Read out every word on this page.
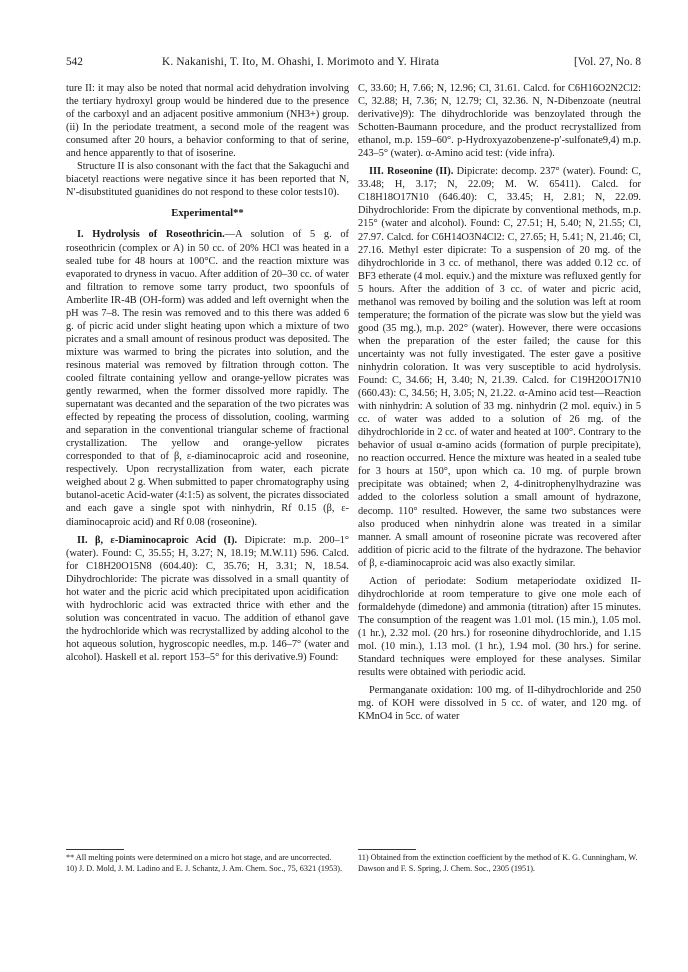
542	K. Nakanishi, T. Ito, M. Ohashi, I. Morimoto and Y. Hirata	[Vol. 27, No. 8

ture II: it may also be noted that normal acid dehydration involving the tertiary hydroxyl group would be hindered due to the presence of the carboxyl and an adjacent positive ammonium (NH3+) group. (ii) In the periodate treatment, a second mole of the reagent was consumed after 20 hours, a behavior conforming to that of serine, and hence apparently to that of isoserine.

Structure II is also consonant with the fact that the Sakaguchi and biacetyl reactions were negative since it has been reported that N, N′-disubstituted guanidines do not respond to these color tests10).

Experimental**

I. Hydrolysis of Roseothricin.—A solution of 5 g. of roseothricin (complex or A) in 50 cc. of 20% HCl was heated in a sealed tube for 48 hours at 100°C. and the reaction mixture was evaporated to dryness in vacuo. After addition of 20–30 cc. of water and filtration to remove some tarry product, two spoonfuls of Amberlite IR-4B (OH-form) was added and left overnight when the pH was 7–8. The resin was removed and to this there was added 6 g. of picric acid under slight heating upon which a mixture of two picrates and a small amount of resinous product was deposited. The mixture was warmed to bring the picrates into solution, and the resinous material was removed by filtration through cotton. The cooled filtrate containing yellow and orange-yellow picrates was gently rewarmed, when the former dissolved more rapidly. The supernatant was decanted and the separation of the two picrates was effected by repeating the process of dissolution, cooling, warming and separation in the conventional triangular scheme of fractional crystallization. The yellow and orange-yellow picrates corresponded to that of β, ε-diaminocaproic acid and roseonine, respectively. Upon recrystallization from water, each picrate weighed about 2 g. When submitted to paper chromatography using butanol-acetic Acid-water (4:1:5) as solvent, the picrates dissociated and each gave a single spot with ninhydrin, Rf 0.15 (β, ε-diaminocaproic acid) and Rf 0.08 (roseonine).

II. β, ε-Diaminocaproic Acid (I). Dipicrate: m.p. 200–1° (water). Found: C, 35.55; H, 3.27; N, 18.19; M.W.11) 596. Calcd. for C18H20O15N8 (604.40): C, 35.76; H, 3.31; N, 18.54. Dihydrochloride: The picrate was dissolved in a small quantity of hot water and the picric acid which precipitated upon acidification with hydrochloric acid was extracted thrice with ether and the solution was concentrated in vacuo. The addition of ethanol gave the hydrochloride which was recrystallized by adding alcohol to the hot aqueous solution, hygroscopic needles, m.p. 146–7° (water and alcohol). Haskell et al. report 153–5° for this derivative.9) Found:

C, 33.60; H, 7.66; N, 12.96; Cl, 31.61. Calcd. for C6H16O2N2Cl2: C, 32.88; H, 7.36; N, 12.79; Cl, 32.36. N, N-Dibenzoate (neutral derivative)9): The dihydrochloride was benzoylated through the Schotten-Baumann procedure, and the product recrystallized from ethanol, m.p. 159–60°. p-Hydroxyazobenzene-p′-sulfonate9,4) m.p. 243–5° (water). α-Amino acid test: (vide infra).

III. Roseonine (II). Dipicrate: decomp. 237° (water). Found: C, 33.48; H, 3.17; N, 22.09; M. W. 65411). Calcd. for C18H18O17N10 (646.40): C, 33.45; H, 2.81; N, 22.09. Dihydrochloride: From the dipicrate by conventional methods, m.p. 215° (water and alcohol). Found: C, 27.51; H, 5.40; N, 21.55; Cl, 27.97. Calcd. for C6H14O3N4Cl2: C, 27.65; H, 5.41; N, 21.46; Cl, 27.16. Methyl ester dipicrate: To a suspension of 20 mg. of the dihydrochloride in 3 cc. of methanol, there was added 0.12 cc. of BF3 etherate (4 mol. equiv.) and the mixture was refluxed gently for 5 hours. After the addition of 3 cc. of water and picric acid, methanol was removed by boiling and the solution was left at room temperature; the formation of the picrate was slow but the yield was good (35 mg.), m.p. 202° (water). However, there were occasions when the preparation of the ester failed; the cause for this uncertainty was not fully investigated. The ester gave a positive ninhydrin coloration. It was very susceptible to acid hydrolysis. Found: C, 34.66; H, 3.40; N, 21.39. Calcd. for C19H20O17N10 (660.43): C, 34.56; H, 3.05; N, 21.22. α-Amino acid test—Reaction with ninhydrin: A solution of 33 mg. ninhydrin (2 mol. equiv.) in 5 cc. of water was added to a solution of 26 mg. of the dihydrochloride in 2 cc. of water and heated at 100°. Contrary to the behavior of usual α-amino acids (formation of purple precipitate), no reaction occurred. Hence the mixture was heated in a sealed tube for 3 hours at 150°, upon which ca. 10 mg. of purple brown precipitate was obtained; when 2, 4-dinitrophenylhydrazine was added to the colorless solution a small amount of hydrazone, decomp. 110° resulted. However, the same two substances were also produced when ninhydrin alone was treated in a similar manner. A small amount of roseonine picrate was recovered after addition of picric acid to the filtrate of the hydrazone. The behavior of β, ε-diaminocaproic acid was also exactly similar.

Action of periodate: Sodium metaperiodate oxidized II-dihydrochloride at room temperature to give one mole each of formaldehyde (dimedone) and ammonia (titration) after 15 minutes. The consumption of the reagent was 1.01 mol. (15 min.), 1.05 mol. (1 hr.), 2.32 mol. (20 hrs.) for roseonine dihydrochloride, and 1.15 mol. (10 min.), 1.13 mol. (1 hr.), 1.94 mol. (30 hrs.) for serine. Standard techniques were employed for these analyses. Similar results were obtained with periodic acid.

Permanganate oxidation: 100 mg. of II-dihydrochloride and 250 mg. of KOH were dissolved in 5 cc. of water, and 120 mg. of KMnO4 in 5cc. of water

** All melting points were determined on a micro hot stage, and are uncorrected.
10) J. D. Mold, J. M. Ladino and E. J. Schantz, J. Am. Chem. Soc., 75, 6321 (1953).
11) Obtained from the extinction coefficient by the method of K. G. Cunningham, W. Dawson and F. S. Spring, J. Chem. Soc., 2305 (1951).
